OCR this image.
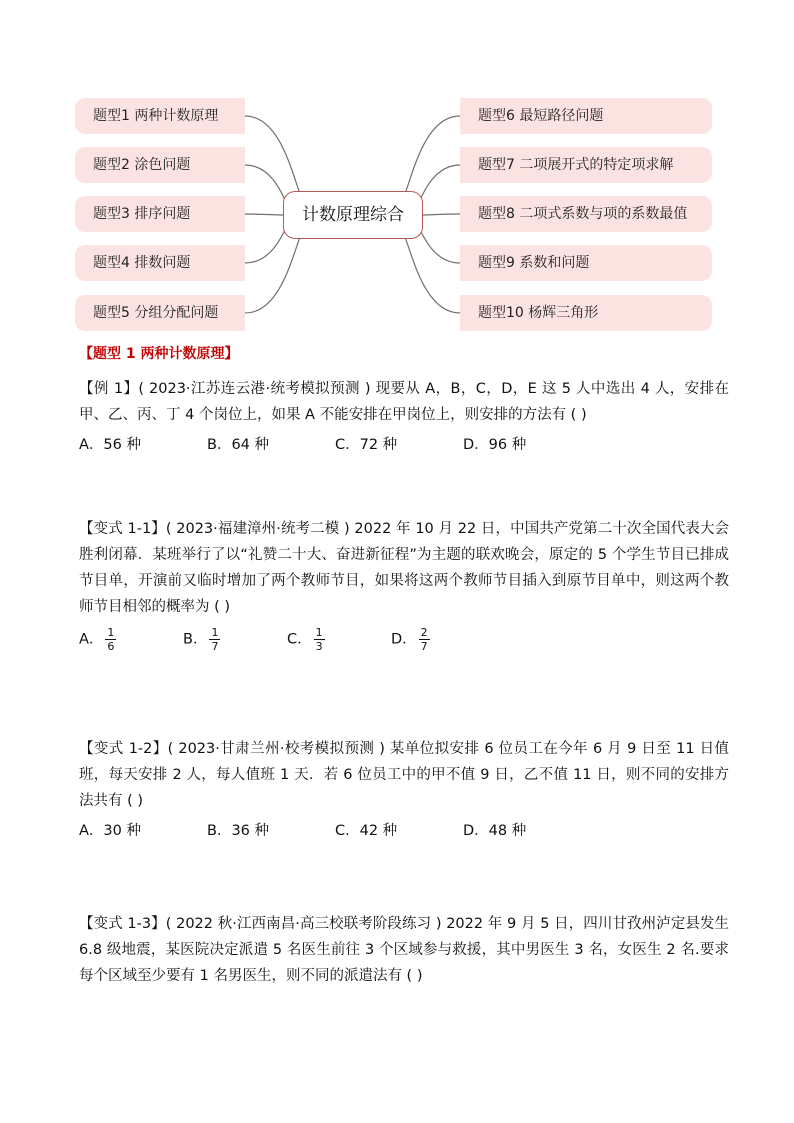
题型1 两种计数原理
题型2 涂色问题
题型3 排序问题
题型4 排数问题
题型5 分组分配问题
题型6 最短路径问题
题型7 二项展开式的特定项求解
题型8 二项式系数与项的系数最值
题型9 系数和问题
题型10 杨辉三角形
计数原理综合
【题型 1 两种计数原理】

【例 1】( 2023·江苏连云港·统考模拟预测 ) 现要从 A，B，C，D，E 这 5 人中选出 4 人，安排在甲、乙、丙、丁 4 个岗位上，如果 A 不能安排在甲岗位上，则安排的方法有 ( )

A．56 种	B．64 种	C．72 种	D．96 种

【变式 1-1】( 2023·福建漳州·统考二模 ) 2022 年 10 月 22 日，中国共产党第二十次全国代表大会胜利闭幕．某班举行了以“礼赞二十大、奋进新征程”为主题的联欢晚会，原定的 5 个学生节目已排成节目单，开演前又临时增加了两个教师节目，如果将这两个教师节目插入到原节目单中，则这两个教师节目相邻的概率为 ( )

A． $\frac{1}{6}$	B． $\frac{1}{7}$	C． $\frac{1}{3}$	D． $\frac{2}{7}$

【变式 1-2】( 2023·甘肃兰州·校考模拟预测 ) 某单位拟安排 6 位员工在今年 6 月 9 日至 11 日值班，每天安排 2 人，每人值班 1 天．若 6 位员工中的甲不值 9 日，乙不值 11 日，则不同的安排方法共有 ( )

A．30 种	B．36 种	C．42 种	D．48 种

【变式 1-3】( 2022 秋·江西南昌·高三校联考阶段练习 ) 2022 年 9 月 5 日，四川甘孜州泸定县发生 6.8 级地震，某医院决定派遣 5 名医生前往 3 个区域参与救援，其中男医生 3 名，女医生 2 名.要求每个区域至少要有 1 名男医生，则不同的派遣法有 ( )
